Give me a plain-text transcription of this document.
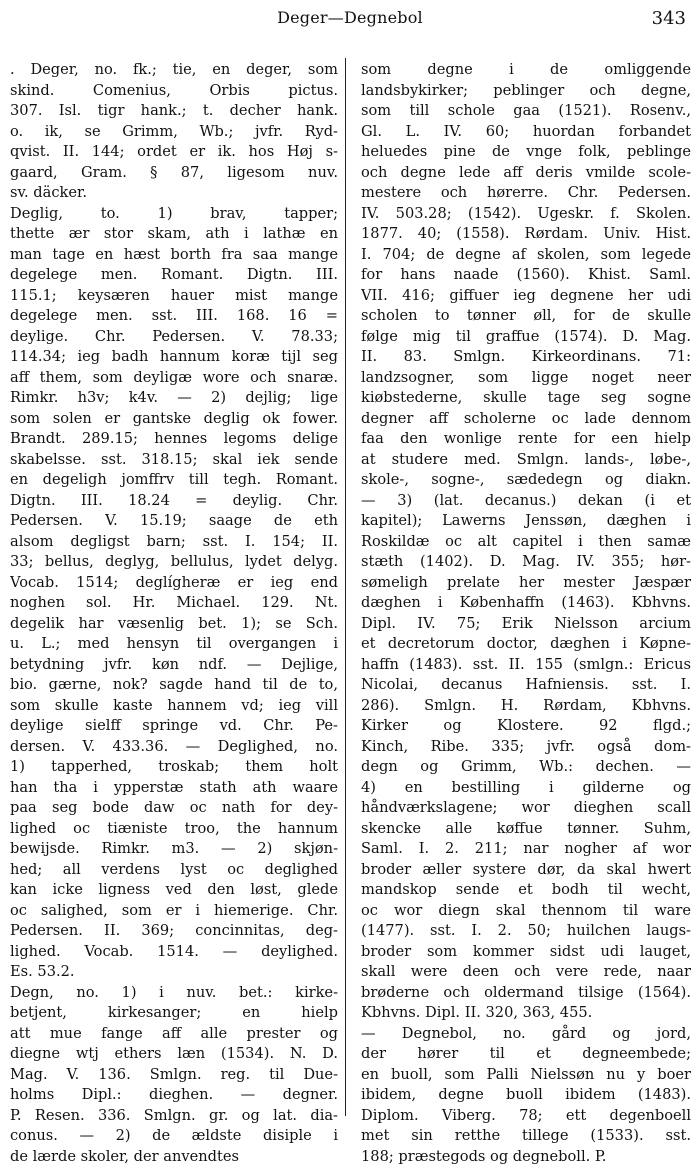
Deger—Degnebol	343
. Deger, no. fk.; tie, en deger, som
skind. Comenius, Orbis pictus.
307. Isl. tigr hank.; t. decher hank.
o. ik, se Grimm, Wb.; jvfr. Ryd-
qvist. II. 144; ordet er ik. hos Høj s-
gaard, Gram. § 87, ligesom nuv.
sv. däcker.
Deglig, to. 1) brav, tapper;
thette ær stor skam, ath i lathæ en
man tage en hæst borth fra saa mange
degelege men. Romant. Digtn. III.
115.1; keysæren hauer mist mange
degelege men. sst. III. 168. 16 =
deylige. Chr. Pedersen. V. 78.33;
114.34; ieg badh hannum koræ tijl seg
aff them, som deyligæ wore och snaræ.
Rimkr. h3v; k4v. — 2) dejlig; lige
som solen er gantske deglig ok fower.
Brandt. 289.15; hennes legoms delige
skabelsse. sst. 318.15; skal iek sende
en degeligh jomffrv till tegh. Romant.
Digtn. III. 18.24 = deylig. Chr.
Pedersen. V. 15.19; saage de eth
alsom degligst barn; sst. I. 154; II.
33; bellus, deglyg, bellulus, lydet delyg.
Vocab. 1514; deglígheræ er ieg end
noghen sol. Hr. Michael. 129. Nt.
degelik har væsenlig bet. 1); se Sch.
u. L.; med hensyn til overgangen i
betydning jvfr. køn ndf. — Dejlige,
bio. gærne, nok? sagde hand til de to,
som skulle kaste hannem vd; ieg vill
deylige sielff springe vd. Chr. Pe-
dersen. V. 433.36. — Deglighed, no.
1) tapperhed, troskab; them holt
han tha i ypperstæ stath ath waare
paa seg bode daw oc nath for dey-
lighed oc tiæniste troo, the hannum
bewijsde. Rimkr. m3. — 2) skjøn-
hed; all verdens lyst oc deglighed
kan icke ligness ved den løst, glede
oc salighed, som er i hiemerige. Chr.
Pedersen. II. 369; concinnitas, deg-
lighed. Vocab. 1514. — deylighed.
Es. 53.2.
Degn, no. 1) i nuv. bet.: kirke-
betjent, kirkesanger; en hielp
att mue fange aff alle prester og
diegne wtj ethers læn (1534). N. D.
Mag. V. 136. Smlgn. reg. til Due-
holms Dipl.: dieghen. — degner.
P. Resen. 336. Smlgn. gr. og lat. dia-
conus. — 2) de ældste disiple i
de lærde skoler, der anvendtes
som degne i de omliggende
landsbykirker; peblinger och degne,
som till schole gaa (1521). Rosenv.,
Gl. L. IV. 60; huordan forbandet
heluedes pine de vnge folk, peblinge
och degne lede aff deris vmilde scole-
mestere och hørerre. Chr. Pedersen.
IV. 503.28; (1542). Ugeskr. f. Skolen.
1877. 40; (1558). Rørdam. Univ. Hist.
I. 704; de degne af skolen, som legede
for hans naade (1560). Khist. Saml.
VII. 416; giffuer ieg degnene her udi
scholen to tønner øll, for de skulle
følge mig til graffue (1574). D. Mag.
II. 83. Smlgn. Kirkeordinans. 71:
landzsogner, som ligge noget neer
kiøbstederne, skulle tage seg sogne
degner aff scholerne oc lade dennom
faa den wonlige rente for een hielp
at studere med. Smlgn. lands-, løbe-,
skole-, sogne-, sædedegn og diakn.
— 3) (lat. decanus.) dekan (i et
kapitel); Lawerns Jenssøn, dæghen i
Roskildæ oc alt capitel i then samæ
stæth (1402). D. Mag. IV. 355; hør-
sømeligh prelate her mester Jæspær
dæghen i Københaffn (1463). Kbhvns.
Dipl. IV. 75; Erik Nielsson arcium
et decretorum doctor, dæghen i Køpne-
haffn (1483). sst. II. 155 (smlgn.: Ericus
Nicolai, decanus Hafniensis. sst. I.
286). Smlgn. H. Rørdam, Kbhvns.
Kirker og Klostere. 92 flgd.;
Kinch, Ribe. 335; jvfr. også dom-
degn og Grimm, Wb.: dechen. —
4) en bestilling i gilderne og
håndværkslagene; wor dieghen scall
skencke alle køffue tønner. Suhm,
Saml. I. 2. 211; nar nogher af wor
broder æller systere dør, da skal hwert
mandskop sende et bodh til wecht,
oc wor diegn skal thennom til ware
(1477). sst. I. 2. 50; huilchen laugs-
broder som kommer sidst udi lauget,
skall were deen och vere rede, naar
brøderne och oldermand tilsige (1564).
Kbhvns. Dipl. II. 320, 363, 455.
— Degnebol, no. gård og jord,
der hører til et degneembede;
en buoll, som Palli Nielssøn nu y boer
ibidem, degne buoll ibidem (1483).
Diplom. Viberg. 78; ett degenboell
met sin retthe tillege (1533). sst.
188; præstegods og degneboll. P.
